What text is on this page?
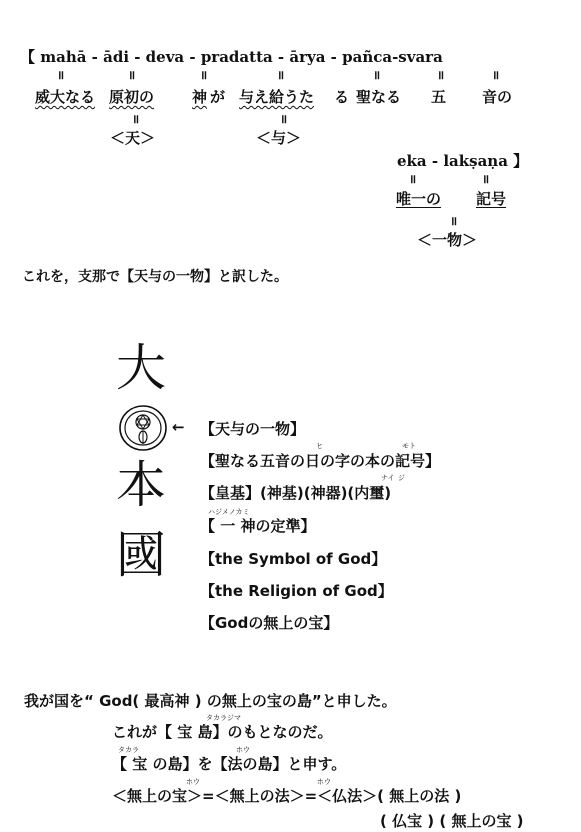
【 mahā - ādi - deva - pradatta - ārya - pañca-svara
॥	॥	॥	॥	॥	॥	॥
威大なる 原初の	神 が 与え給うた る 聖なる 五 音の
॥	॥
＜天＞	＜与＞
eka - lakṣaṇa 】
॥	॥
唯一の 記号
॥
＜一物＞
これを，支那で【天与の一物】と訳した。
大
←
本
國
【天与の一物】
ヒ	モト
【聖なる五音の日の字の本の記号】
ナイ ジ
【皇基】(神基)(神器)(内璽)
ハジメノカミ
【 一 神の定準】
【the Symbol of God】
【the Religion of God】
【Godの無上の宝】
我が国を“ God( 最高神 ) の無上の宝の島”と申した。
タカラジマ
これが【 宝 島】のもとなのだ。
タカラ	ホウ
【 宝 の島】を【法の島】と申す。
ホウ	ホウ
＜無上の宝＞=＜無上の法＞=＜仏法＞( 無上の法 )
( 仏宝 ) ( 無上の宝 )
